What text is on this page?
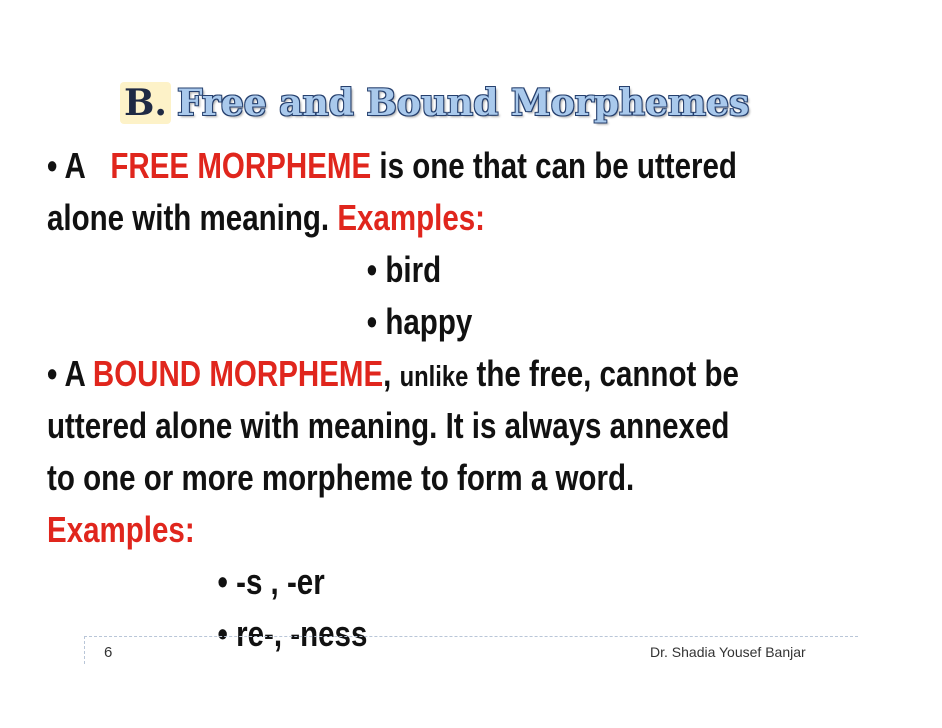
B. Free and Bound Morphemes
• A FREE MORPHEME is one that can be uttered
alone with meaning. Examples:
• bird
• happy
• A BOUND MORPHEME, unlike the free, cannot be
uttered alone with meaning. It is always annexed
to one or more morpheme to form a word.
Examples:
• -s , -er
• re-, -ness
6	Dr. Shadia Yousef Banjar
